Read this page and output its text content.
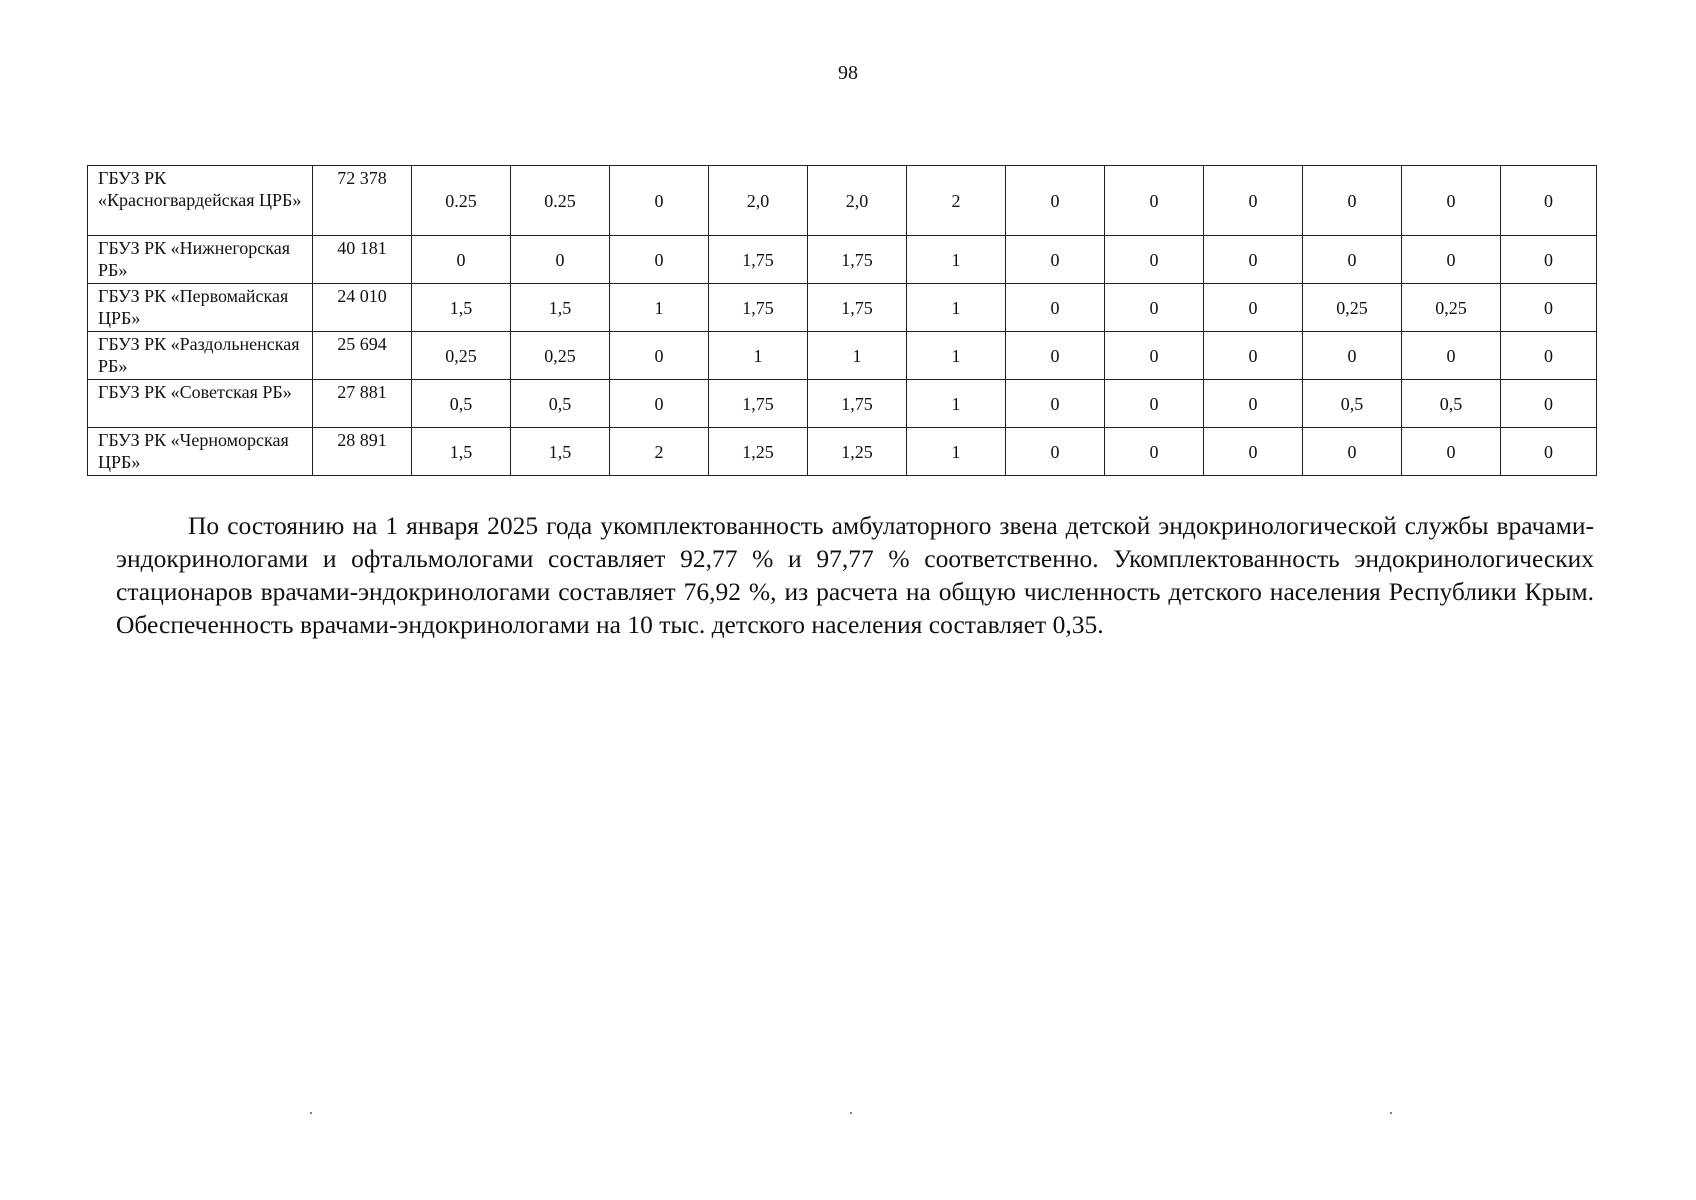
98
ГБУЗ РК «Красногвардейская ЦРБ»	72 378	0.25	0.25	0	2,0	2,0	2	0	0	0	0	0	0
ГБУЗ РК «Нижнегорская РБ»	40 181	0	0	0	1,75	1,75	1	0	0	0	0	0	0
ГБУЗ РК «Первомайская ЦРБ»	24 010	1,5	1,5	1	1,75	1,75	1	0	0	0	0,25	0,25	0
ГБУЗ РК «Раздольненская РБ»	25 694	0,25	0,25	0	1	1	1	0	0	0	0	0	0
ГБУЗ РК «Советская РБ»	27 881	0,5	0,5	0	1,75	1,75	1	0	0	0	0,5	0,5	0
ГБУЗ РК «Черноморская ЦРБ»	28 891	1,5	1,5	2	1,25	1,25	1	0	0	0	0	0	0

По состоянию на 1 января 2025 года укомплектованность амбулаторного звена детской эндокринологической службы врачами-эндокринологами и офтальмологами составляет 92,77 % и 97,77 % соответственно. Укомплектованность эндокринологических стационаров врачами-эндокринологами составляет 76,92 %, из расчета на общую численность детского населения Республики Крым. Обеспеченность врачами-эндокринологами на 10 тыс. детского населения составляет 0,35.
